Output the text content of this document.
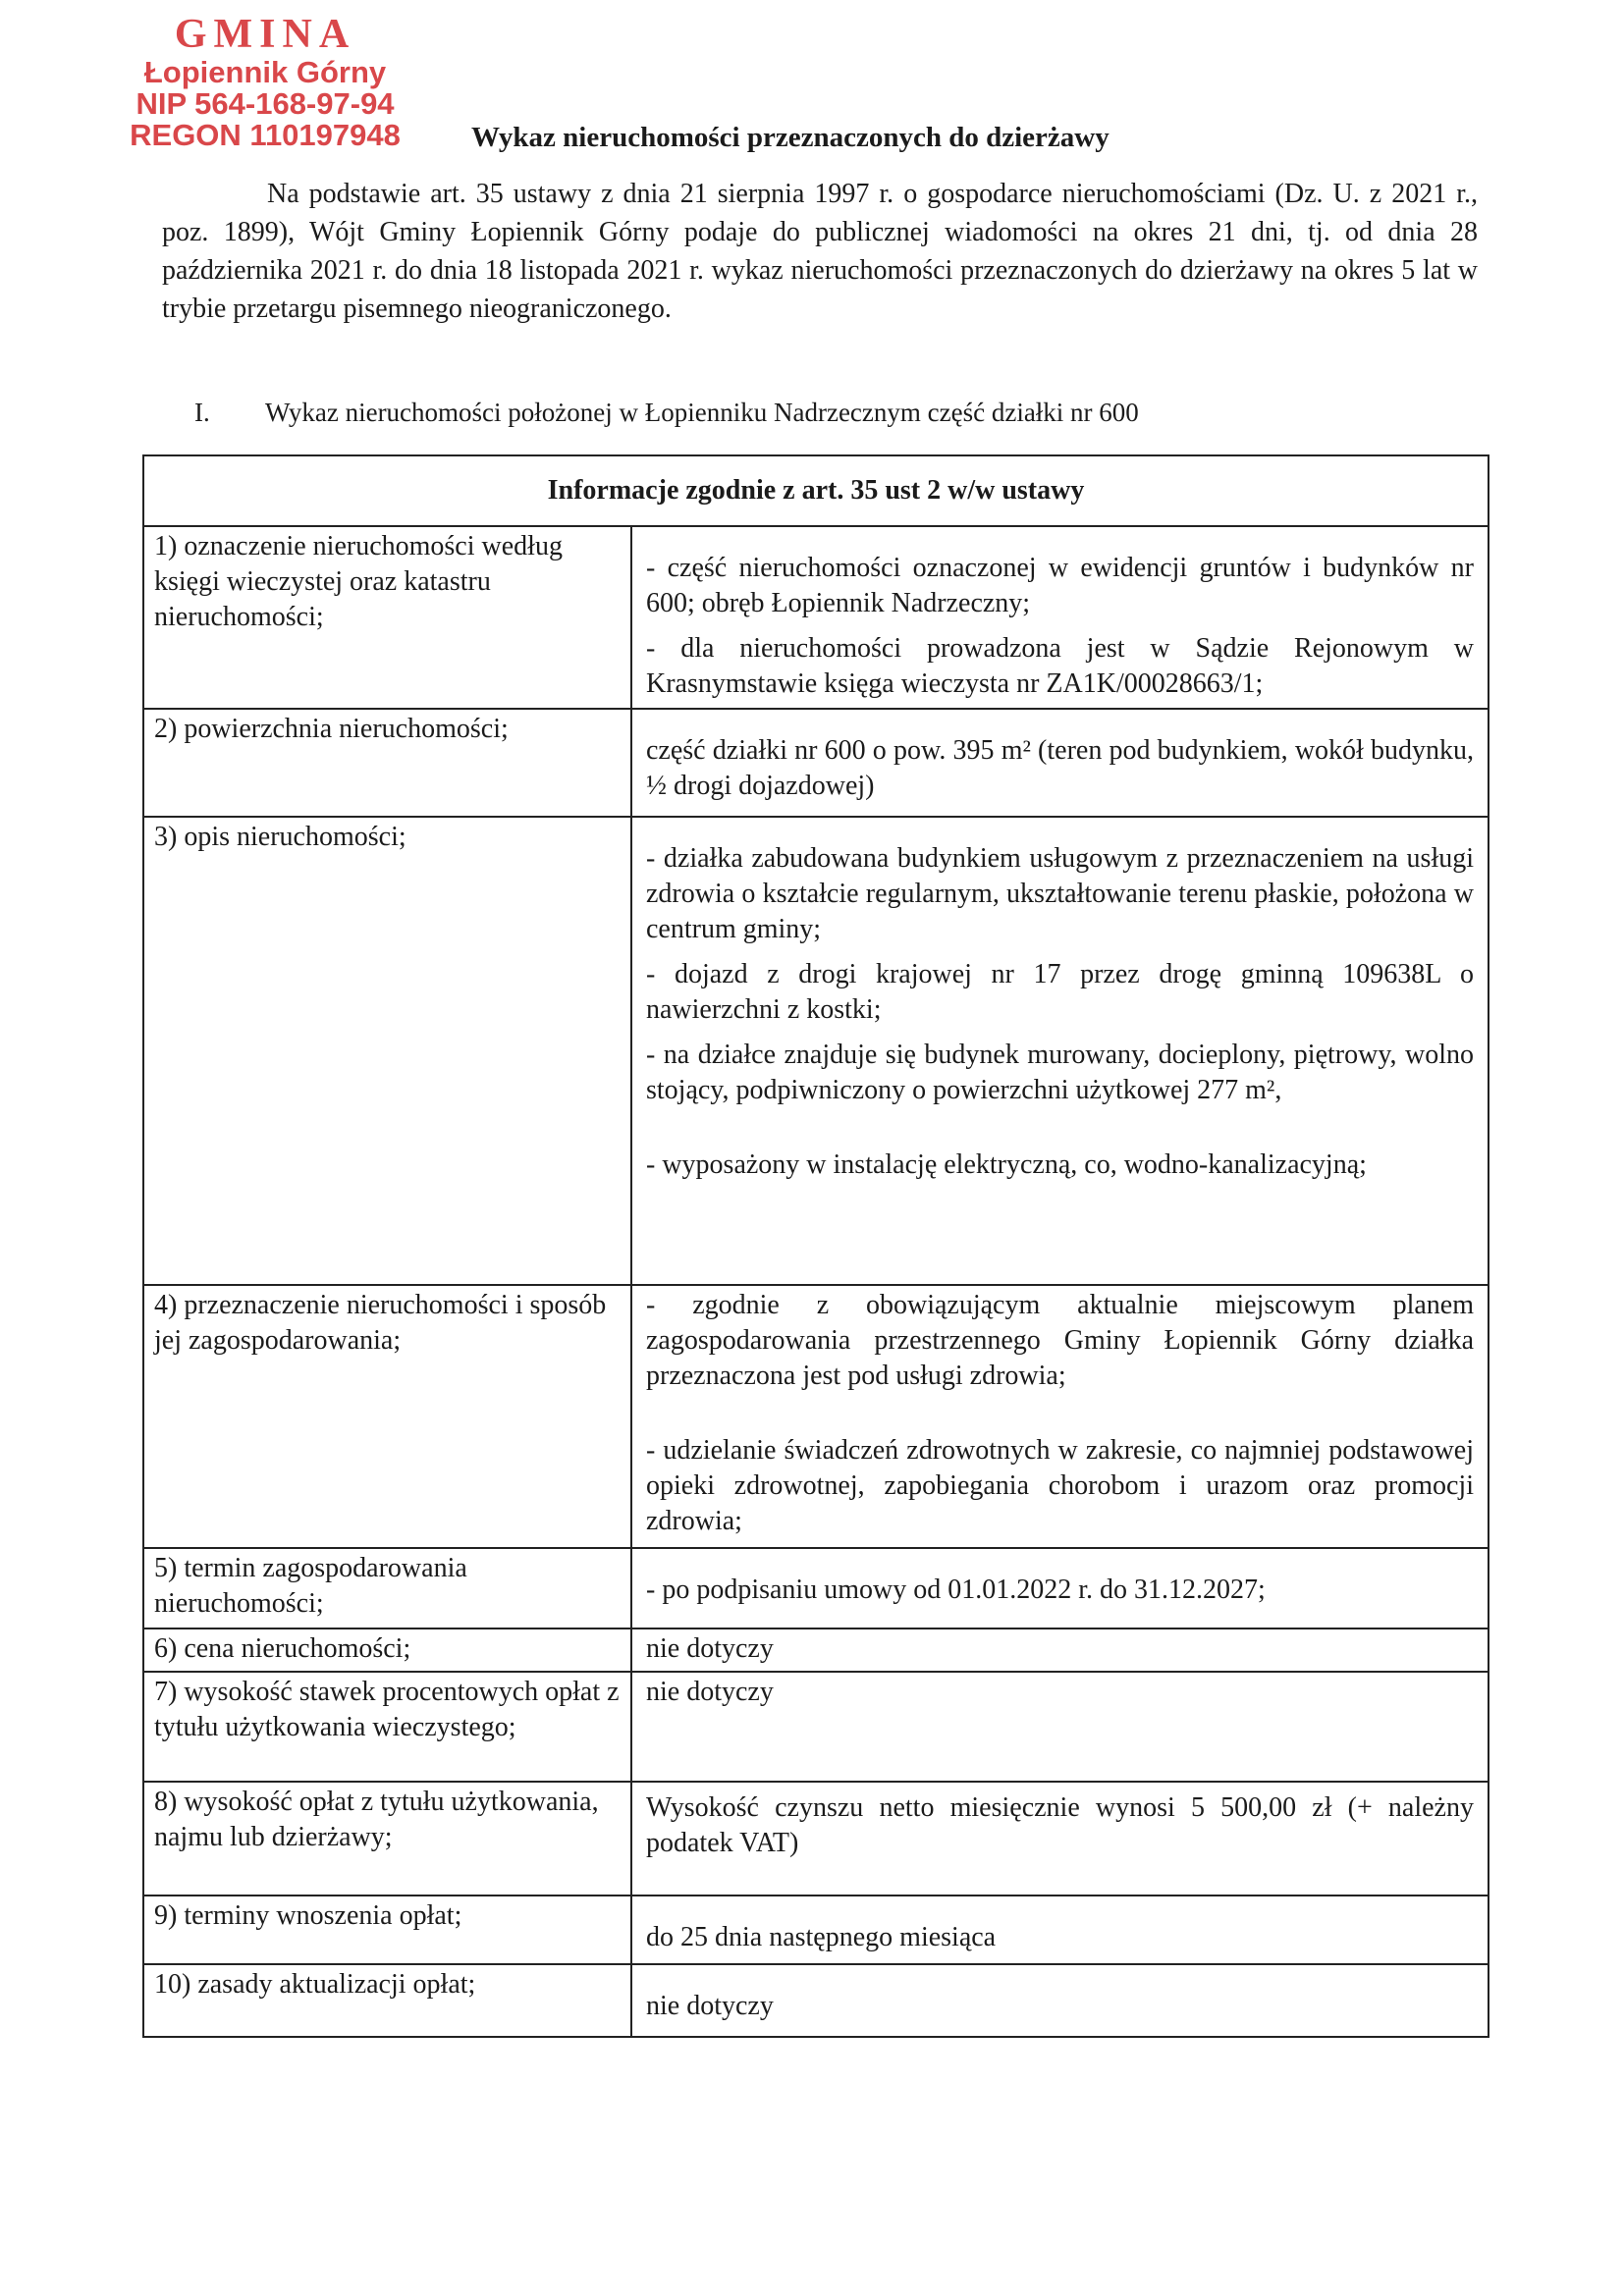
GMINA
Łopiennik Górny
NIP 564-168-97-94
REGON 110197948	Wykaz nieruchomości przeznaczonych do dzierżawy

Na podstawie art. 35 ustawy z dnia 21 sierpnia 1997 r. o gospodarce nieruchomościami (Dz. U. z 2021 r., poz. 1899), Wójt Gminy Łopiennik Górny podaje do publicznej wiadomości na okres 21 dni, tj. od dnia 28 października 2021 r. do dnia 18 listopada 2021 r. wykaz nieruchomości przeznaczonych do dzierżawy na okres 5 lat w trybie przetargu pisemnego nieograniczonego.

I. Wykaz nieruchomości położonej w Łopienniku Nadrzecznym część działki nr 600
Informacje zgodnie z art. 35 ust 2 w/w ustawy	
1) oznaczenie nieruchomości według księgi wieczystej oraz katastru nieruchomości;	- część nieruchomości oznaczonej w ewidencji gruntów i budynków nr 600; obręb Łopiennik Nadrzeczny;

- dla nieruchomości prowadzona jest w Sądzie Rejonowym w Krasnymstawie księga wieczysta nr ZA1K/00028663/1;

2) powierzchnia nieruchomości;	część działki nr 600 o pow. 395 m² (teren pod budynkiem, wokół budynku, ½ drogi dojazdowej)

3) opis nieruchomości;	- działka zabudowana budynkiem usługowym z przeznaczeniem na usługi zdrowia o kształcie regularnym, ukształtowanie terenu płaskie, położona w centrum gminy;

- dojazd z drogi krajowej nr 17 przez drogę gminną 109638L o nawierzchni z kostki;

- na działce znajduje się budynek murowany, docieplony, piętrowy, wolno stojący, podpiwniczony o powierzchni użytkowej 277 m²,

- wyposażony w instalację elektryczną, co, wodno-kanalizacyjną;

4) przeznaczenie nieruchomości i sposób jej zagospodarowania;	- zgodnie z obowiązującym aktualnie miejscowym planem zagospodarowania przestrzennego Gminy Łopiennik Górny działka przeznaczona jest pod usługi zdrowia;

- udzielanie świadczeń zdrowotnych w zakresie, co najmniej podstawowej opieki zdrowotnej, zapobiegania chorobom i urazom oraz promocji zdrowia;

5) termin zagospodarowania nieruchomości;	- po podpisaniu umowy od 01.01.2022 r. do 31.12.2027;

6) cena nieruchomości;	nie dotyczy

7) wysokość stawek procentowych opłat z tytułu użytkowania wieczystego;	nie dotyczy

8) wysokość opłat z tytułu użytkowania, najmu lub dzierżawy;	Wysokość czynszu netto miesięcznie wynosi 5 500,00 zł (+ należny podatek VAT)

9) terminy wnoszenia opłat;	do 25 dnia następnego miesiąca

10) zasady aktualizacji opłat;	nie dotyczy
